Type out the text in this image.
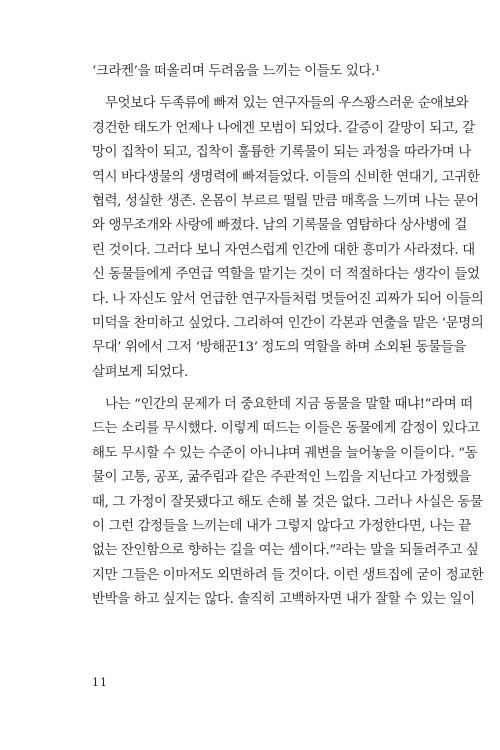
‘크라켄’을 떠올리며 두려움을 느끼는 이들도 있다.¹
무엇보다 두족류에 빠져 있는 연구자들의 우스꽝스러운 순애보와
경건한 태도가 언제나 나에겐 모범이 되었다. 갈증이 갈망이 되고, 갈
망이 집착이 되고, 집착이 훌륭한 기록물이 되는 과정을 따라가며 나
역시 바다생물의 생명력에 빠져들었다. 이들의 신비한 연대기, 고귀한
협력, 성실한 생존. 온몸이 부르르 떨릴 만큼 매혹을 느끼며 나는 문어
와 앵무조개와 사랑에 빠졌다. 남의 기록물을 염탐하다 상사병에 걸
린 것이다. 그러다 보니 자연스럽게 인간에 대한 흥미가 사라졌다. 대
신 동물들에게 주연급 역할을 맡기는 것이 더 적절하다는 생각이 들었
다. 나 자신도 앞서 언급한 연구자들처럼 멋들어진 괴짜가 되어 이들의
미덕을 찬미하고 싶었다. 그리하여 인간이 각본과 연출을 맡은 ‘문명의
무대’ 위에서 그저 ‘방해꾼13’ 정도의 역할을 하며 소외된 동물들을
살펴보게 되었다.
나는 “인간의 문제가 더 중요한데 지금 동물을 말할 때냐!”라며 떠
드는 소리를 무시했다. 이렇게 떠드는 이들은 동물에게 감정이 있다고
해도 무시할 수 있는 수준이 아니냐며 궤변을 늘어놓을 이들이다. “동
물이 고통, 공포, 굶주림과 같은 주관적인 느낌을 지닌다고 가정했을
때, 그 가정이 잘못됐다고 해도 손해 볼 것은 없다. 그러나 사실은 동물
이 그런 감정들을 느끼는데 내가 그렇지 않다고 가정한다면, 나는 끝
없는 잔인함으로 향하는 길을 여는 셈이다.”²라는 말을 되돌려주고 싶
지만 그들은 이마저도 외면하려 들 것이다. 이런 생트집에 굳이 정교한
반박을 하고 싶지는 않다. 솔직히 고백하자면 내가 잘할 수 있는 일이
11
